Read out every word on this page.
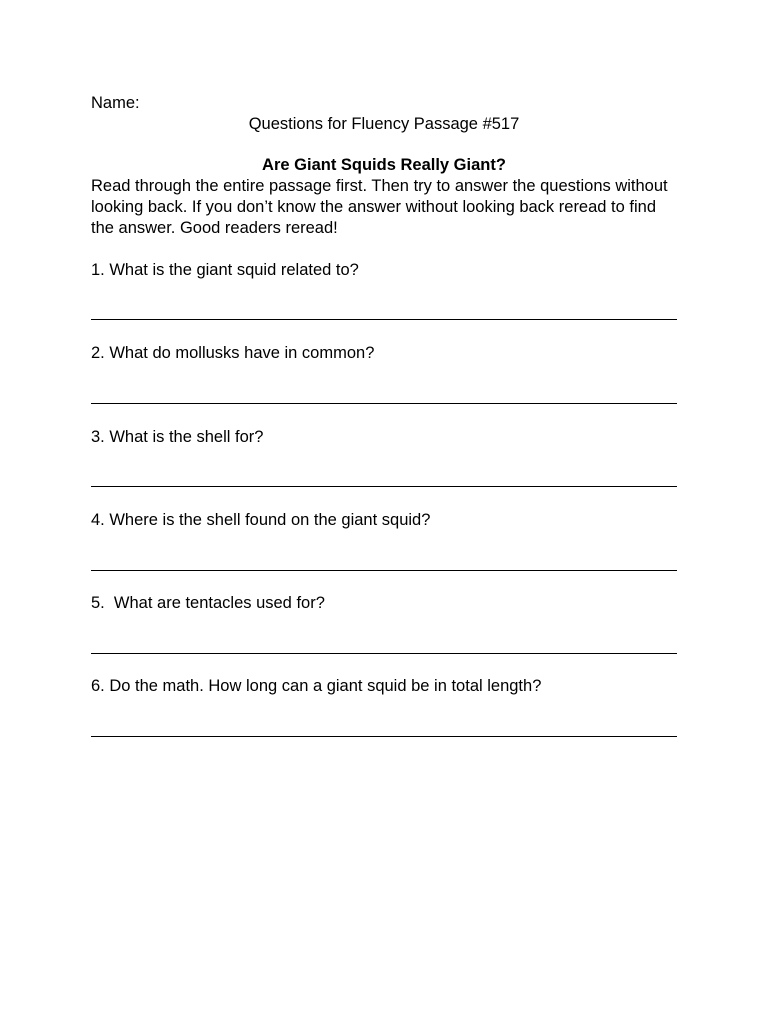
Name:
Questions for Fluency Passage #517
Are Giant Squids Really Giant?

Read through the entire passage first. Then try to answer the questions without looking back. If you don’t know the answer without looking back reread to find the answer. Good readers reread!

1. What is the giant squid related to?
2. What do mollusks have in common?
3. What is the shell for?
4. Where is the shell found on the giant squid?
5.  What are tentacles used for?
6. Do the math. How long can a giant squid be in total length?
